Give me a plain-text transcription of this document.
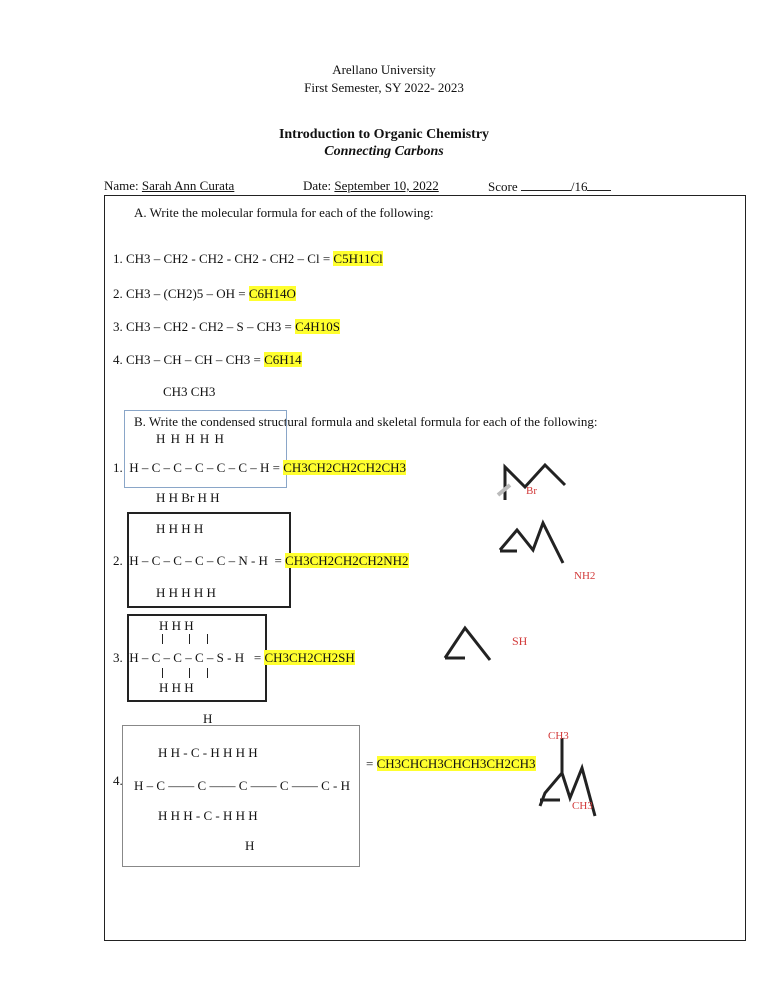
Arellano University
First Semester, SY 2022- 2023
Introduction to Organic Chemistry
Connecting Carbons
Name: Sarah Ann Curata	Date: September 10, 2022	Score	/16
A. Write the molecular formula for each of the following:
1. CH3 – CH2 - CH2 - CH2 - CH2 – Cl = C5H11Cl
2. CH3 – (CH2)5 – OH = C6H14O
3. CH3 – CH2 - CH2 – S – CH3 = C4H10S
4. CH3 – CH – CH – CH3 = C6H14
CH3 CH3
B. Write the condensed structural formula and skeletal formula for each of the following:
H H H H H
1. H – C – C – C – C – C – H = CH3CH2CH2CH2CH3
H H Br H H	Br
H H H H
2. H – C – C – C – C – N - H  = CH3CH2CH2CH2NH2
H H H H H
NH2
H H H
3. H – C – C – C – S - H   = CH3CH2CH2SH
H H H
SH
H
H H - C - H H H H
4. H – C —— C —— C —— C —— C - H
= CH3CHCH3CHCH3CH2CH3
H H H - C - H H H
H
CH3
CH3
